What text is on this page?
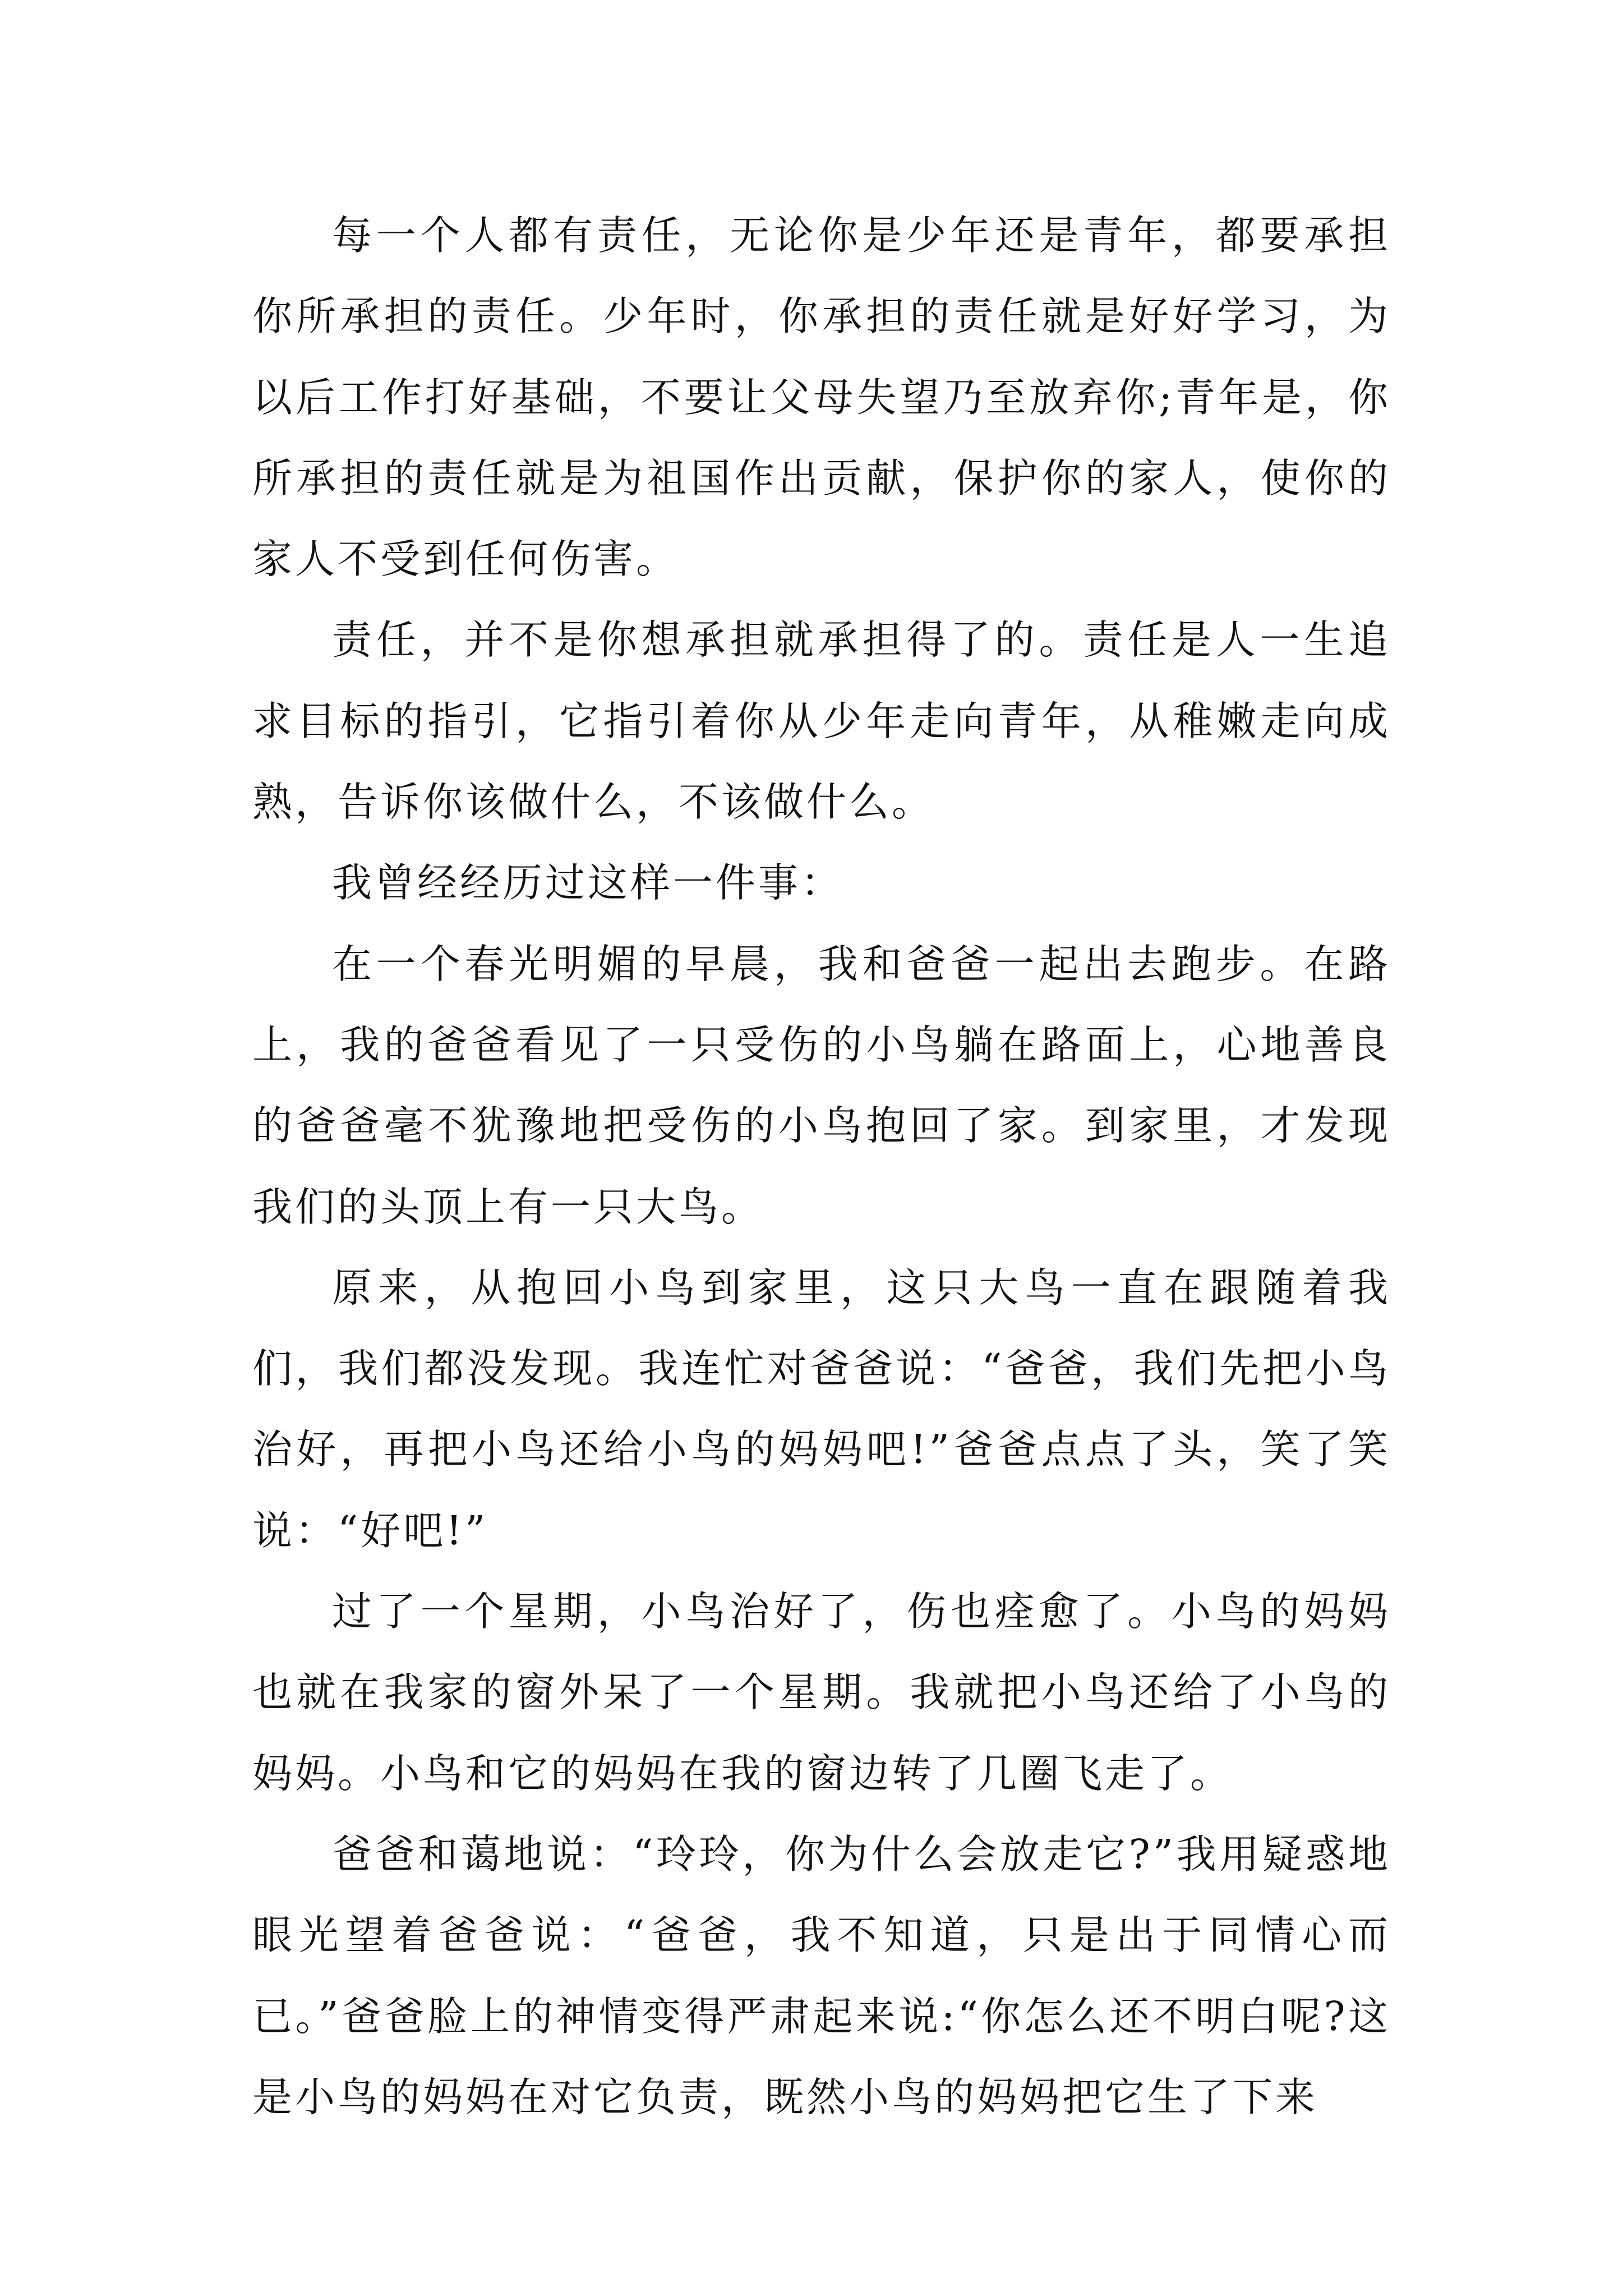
每一个人都有责任，无论你是少年还是青年，都要承担你所承担的责任。少年时，你承担的责任就是好好学习，为以后工作打好基础，不要让父母失望乃至放弃你;青年是，你所承担的责任就是为祖国作出贡献，保护你的家人，使你的家人不受到任何伤害。

责任，并不是你想承担就承担得了的。责任是人一生追求目标的指引，它指引着你从少年走向青年，从稚嫩走向成熟，告诉你该做什么，不该做什么。

我曾经经历过这样一件事：

在一个春光明媚的早晨，我和爸爸一起出去跑步。在路上，我的爸爸看见了一只受伤的小鸟躺在路面上，心地善良的爸爸毫不犹豫地把受伤的小鸟抱回了家。到家里，才发现我们的头顶上有一只大鸟。

原来，从抱回小鸟到家里，这只大鸟一直在跟随着我们，我们都没发现。我连忙对爸爸说：“爸爸，我们先把小鸟治好，再把小鸟还给小鸟的妈妈吧!”爸爸点点了头，笑了笑说：“好吧!”

过了一个星期，小鸟治好了，伤也痊愈了。小鸟的妈妈也就在我家的窗外呆了一个星期。我就把小鸟还给了小鸟的妈妈。小鸟和它的妈妈在我的窗边转了几圈飞走了。

爸爸和蔼地说：“玲玲，你为什么会放走它?”我用疑惑地眼光望着爸爸说：“爸爸，我不知道，只是出于同情心而已。”爸爸脸上的神情变得严肃起来说:“你怎么还不明白呢?这是小鸟的妈妈在对它负责，既然小鸟的妈妈把它生了下来
